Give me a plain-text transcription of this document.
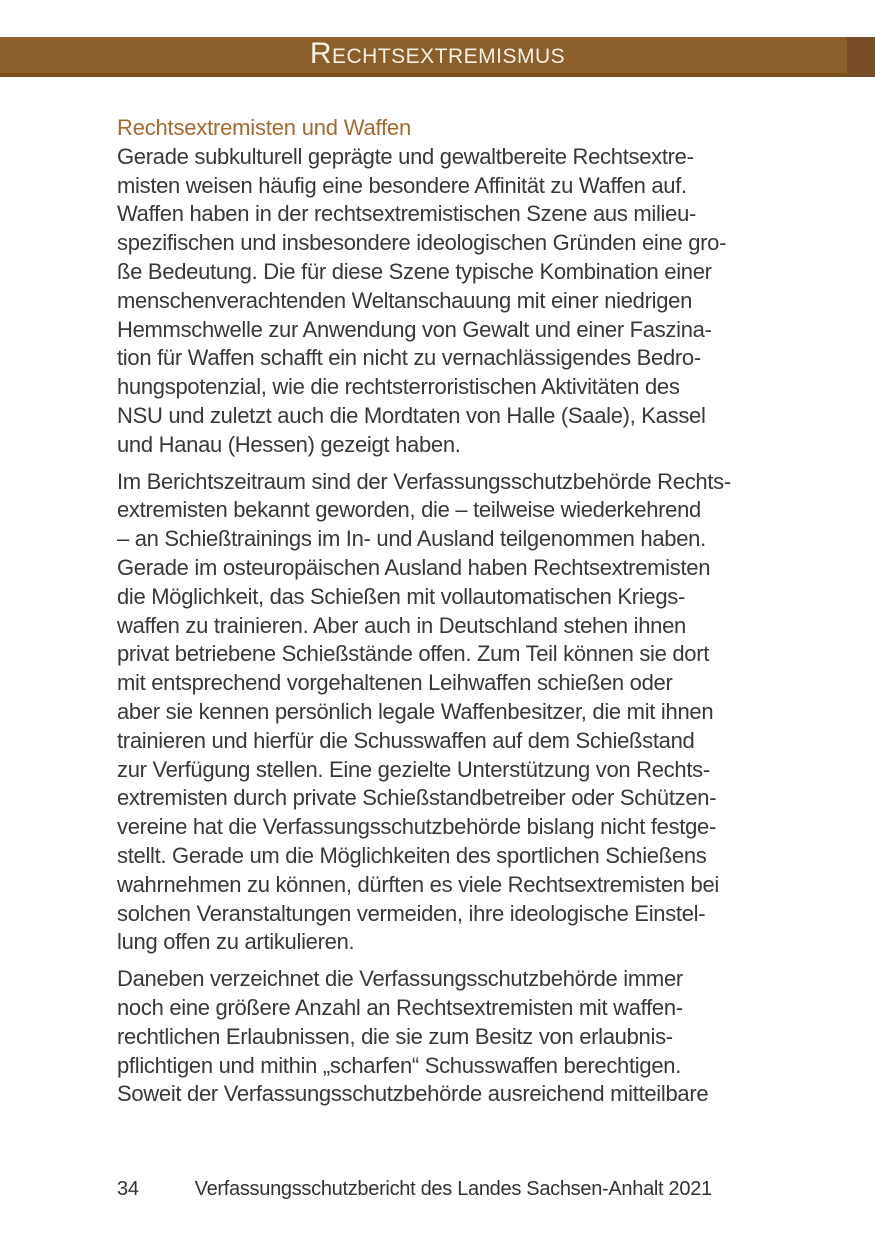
Rechtsextremismus
Rechtsextremisten und Waffen
Gerade subkulturell geprägte und gewaltbereite Rechtsextre-
misten weisen häufig eine besondere Affinität zu Waffen auf.
Waffen haben in der rechtsextremistischen Szene aus milieu-
spezifischen und insbesondere ideologischen Gründen eine gro-
ße Bedeutung. Die für diese Szene typische Kombination einer
menschenverachtenden Weltanschauung mit einer niedrigen
Hemmschwelle zur Anwendung von Gewalt und einer Faszina-
tion für Waffen schafft ein nicht zu vernachlässigendes Bedro-
hungspotenzial, wie die rechtsterroristischen Aktivitäten des
NSU und zuletzt auch die Mordtaten von Halle (Saale), Kassel
und Hanau (Hessen) gezeigt haben.
Im Berichtszeitraum sind der Verfassungsschutzbehörde Rechts-
extremisten bekannt geworden, die – teilweise wiederkehrend
– an Schießtrainings im In- und Ausland teilgenommen haben.
Gerade im osteuropäischen Ausland haben Rechtsextremisten
die Möglichkeit, das Schießen mit vollautomatischen Kriegs-
waffen zu trainieren. Aber auch in Deutschland stehen ihnen
privat betriebene Schießstände offen. Zum Teil können sie dort
mit entsprechend vorgehaltenen Leihwaffen schießen oder
aber sie kennen persönlich legale Waffenbesitzer, die mit ihnen
trainieren und hierfür die Schusswaffen auf dem Schießstand
zur Verfügung stellen. Eine gezielte Unterstützung von Rechts-
extremisten durch private Schießstandbetreiber oder Schützen-
vereine hat die Verfassungsschutzbehörde bislang nicht festge-
stellt. Gerade um die Möglichkeiten des sportlichen Schießens
wahrnehmen zu können, dürften es viele Rechtsextremisten bei
solchen Veranstaltungen vermeiden, ihre ideologische Einstel-
lung offen zu artikulieren.
Daneben verzeichnet die Verfassungsschutzbehörde immer
noch eine größere Anzahl an Rechtsextremisten mit waffen-
rechtlichen Erlaubnissen, die sie zum Besitz von erlaubnis-
pflichtigen und mithin „scharfen“ Schusswaffen berechtigen.
Soweit der Verfassungsschutzbehörde ausreichend mitteilbare
34	Verfassungsschutzbericht des Landes Sachsen-Anhalt 2021
